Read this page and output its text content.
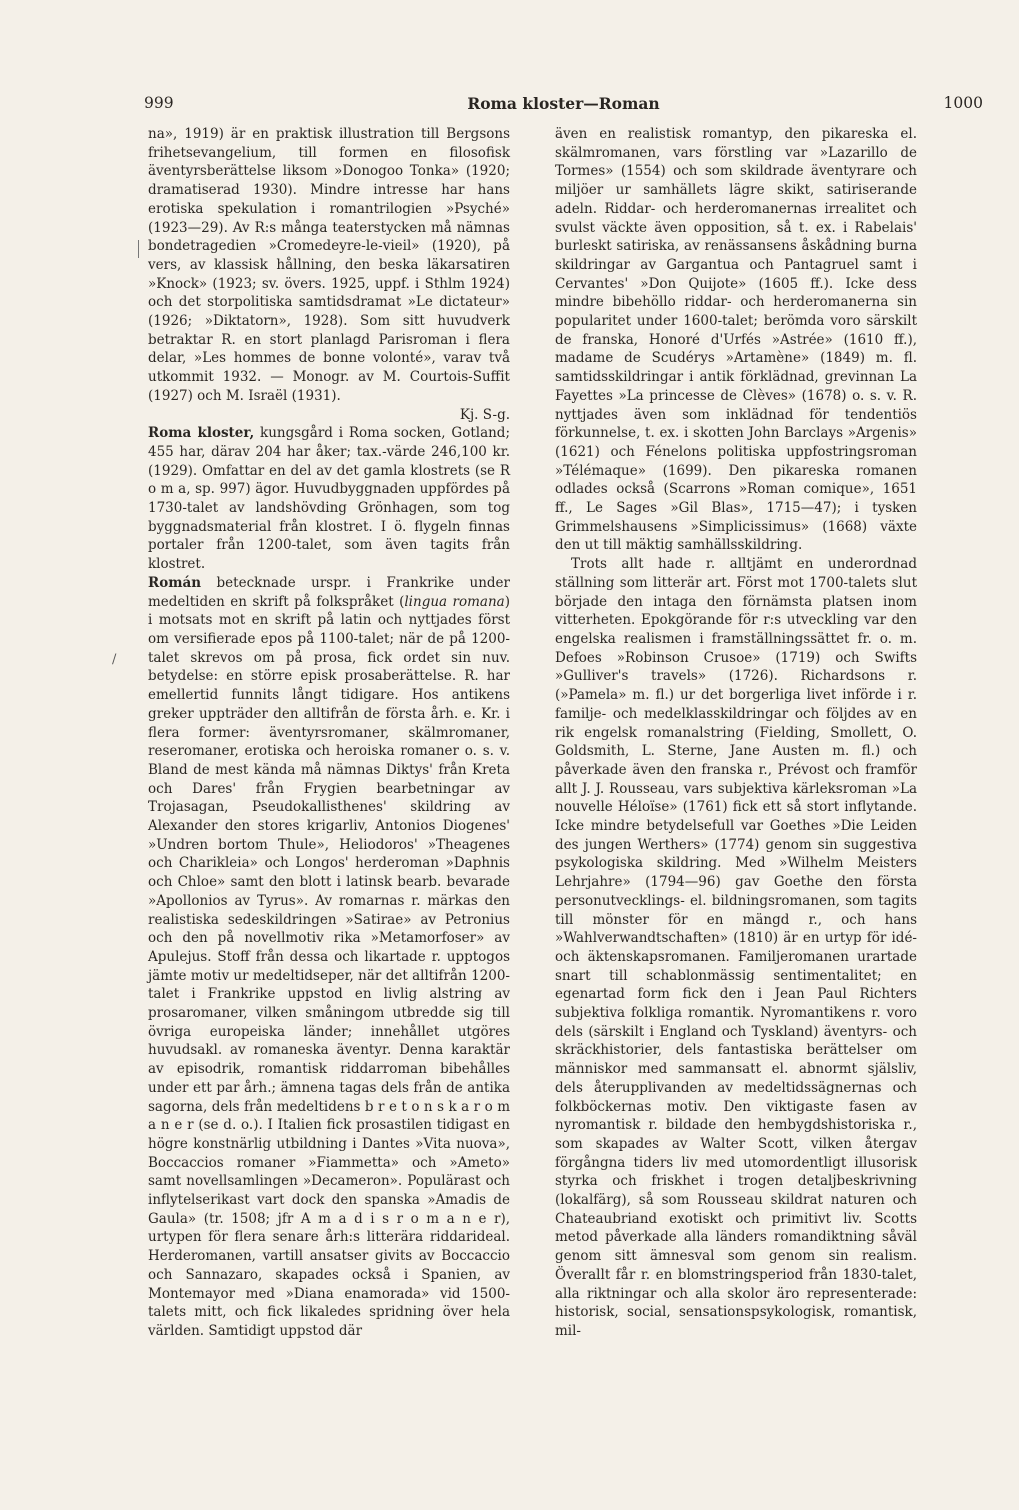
999	Roma kloster—Roman	1000
/

na», 1919) är en praktisk illustration till Bergsons frihetsevangelium, till formen en filosofisk äventyrsberättelse liksom »Donogoo Tonka» (1920; dramatiserad 1930). Mindre intresse har hans erotiska spekulation i romantrilogien »Psyché» (1923—29). Av R:s många teaterstycken må nämnas bondetragedien »Cromedeyre-le-vieil» (1920), på vers, av klassisk hållning, den beska läkarsatiren »Knock» (1923; sv. övers. 1925, uppf. i Sthlm 1924) och det storpolitiska samtidsdramat »Le dictateur» (1926; »Diktatorn», 1928). Som sitt huvudverk betraktar R. en stort planlagd Parisroman i flera delar, »Les hommes de bonne volonté», varav två utkommit 1932. — Monogr. av M. Courtois-Suffit (1927) och M. Israël (1931).
Kj. S-g.

Roma kloster, kungsgård i Roma socken, Gotland; 455 har, därav 204 har åker; tax.-värde 246,100 kr. (1929). Omfattar en del av det gamla klostrets (se R o m a, sp. 997) ägor. Huvudbyggnaden uppfördes på 1730-talet av landshövding Grönhagen, som tog byggnadsmaterial från klostret. I ö. flygeln finnas portaler från 1200-talet, som även tagits från klostret.

Román betecknade urspr. i Frankrike under medeltiden en skrift på folkspråket (lingua romana) i motsats mot en skrift på latin och nyttjades först om versifierade epos på 1100-talet; när de på 1200-talet skrevos om på prosa, fick ordet sin nuv. betydelse: en större episk prosaberättelse. R. har emellertid funnits långt tidigare. Hos antikens greker uppträder den alltifrån de första årh. e. Kr. i flera former: äventyrsromaner, skälmromaner, reseromaner, erotiska och heroiska romaner o. s. v. Bland de mest kända må nämnas Diktys' från Kreta och Dares' från Frygien bearbetningar av Trojasagan, Pseudokallisthenes' skildring av Alexander den stores krigarliv, Antonios Diogenes' »Undren bortom Thule», Heliodoros' »Theagenes och Charikleia» och Longos' herderoman »Daphnis och Chloe» samt den blott i latinsk bearb. bevarade »Apollonios av Tyrus». Av romarnas r. märkas den realistiska sedeskildringen »Satirae» av Petronius och den på novellmotiv rika »Metamorfoser» av Apulejus. Stoff från dessa och likartade r. upptogos jämte motiv ur medeltidseper, när det alltifrån 1200-talet i Frankrike uppstod en livlig alstring av prosaromaner, vilken småningom utbredde sig till övriga europeiska länder; innehållet utgöres huvudsakl. av romaneska äventyr. Denna karaktär av episodrik, romantisk riddarroman bibehålles under ett par årh.; ämnena tagas dels från de antika sagorna, dels från medeltidens b r e t o n s k a r o m a n e r (se d. o.). I Italien fick prosastilen tidigast en högre konstnärlig utbildning i Dantes »Vita nuova», Boccaccios romaner »Fiammetta» och »Ameto» samt novellsamlingen »Decameron». Populärast och inflytelserikast vart dock den spanska »Amadis de Gaula» (tr. 1508; jfr A m a d i s r o m a n e r), urtypen för flera senare årh:s litterära riddarideal. Herderomanen, vartill ansatser givits av Boccaccio och Sannazaro, skapades också i Spanien, av Montemayor med »Diana enamorada» vid 1500-talets mitt, och fick likaledes spridning över hela världen. Samtidigt uppstod där

även en realistisk romantyp, den pikareska el. skälmromanen, vars förstling var »Lazarillo de Tormes» (1554) och som skildrade äventyrare och miljöer ur samhällets lägre skikt, satiriserande adeln. Riddar- och herderomanernas irrealitet och svulst väckte även opposition, så t. ex. i Rabelais' burleskt satiriska, av renässansens åskådning burna skildringar av Gargantua och Pantagruel samt i Cervantes' »Don Quijote» (1605 ff.). Icke dess mindre bibehöllo riddar- och herderomanerna sin popularitet under 1600-talet; berömda voro särskilt de franska, Honoré d'Urfés »Astrée» (1610 ff.), madame de Scudérys »Artamène» (1849) m. fl. samtidsskildringar i antik förklädnad, grevinnan La Fayettes »La princesse de Clèves» (1678) o. s. v. R. nyttjades även som inklädnad för tendentiös förkunnelse, t. ex. i skotten John Barclays »Argenis» (1621) och Fénelons politiska uppfostringsroman »Télémaque» (1699). Den pikareska romanen odlades också (Scarrons »Roman comique», 1651 ff., Le Sages »Gil Blas», 1715—47); i tysken Grimmelshausens »Simplicissimus» (1668) växte den ut till mäktig samhällsskildring.

Trots allt hade r. alltjämt en underordnad ställning som litterär art. Först mot 1700-talets slut började den intaga den förnämsta platsen inom vitterheten. Epokgörande för r:s utveckling var den engelska realismen i framställningssättet fr. o. m. Defoes »Robinson Crusoe» (1719) och Swifts »Gulliver's travels» (1726). Richardsons r. (»Pamela» m. fl.) ur det borgerliga livet införde i r. familje- och medelklasskildringar och följdes av en rik engelsk romanalstring (Fielding, Smollett, O. Goldsmith, L. Sterne, Jane Austen m. fl.) och påverkade även den franska r., Prévost och framför allt J. J. Rousseau, vars subjektiva kärleksroman »La nouvelle Héloïse» (1761) fick ett så stort inflytande. Icke mindre betydelsefull var Goethes »Die Leiden des jungen Werthers» (1774) genom sin suggestiva psykologiska skildring. Med »Wilhelm Meisters Lehrjahre» (1794—96) gav Goethe den första personutvecklings- el. bildningsromanen, som tagits till mönster för en mängd r., och hans »Wahlverwandtschaften» (1810) är en urtyp för idé- och äktenskapsromanen. Familjeromanen urartade snart till schablonmässig sentimentalitet; en egenartad form fick den i Jean Paul Richters subjektiva folkliga romantik. Nyromantikens r. voro dels (särskilt i England och Tyskland) äventyrs- och skräckhistorier, dels fantastiska berättelser om människor med sammansatt el. abnormt själsliv, dels återupplivanden av medeltidssägnernas och folkböckernas motiv. Den viktigaste fasen av nyromantisk r. bildade den hembygdshistoriska r., som skapades av Walter Scott, vilken återgav förgångna tiders liv med utomordentligt illusorisk styrka och friskhet i trogen detaljbeskrivning (lokalfärg), så som Rousseau skildrat naturen och Chateaubriand exotiskt och primitivt liv. Scotts metod påverkade alla länders romandiktning såväl genom sitt ämnesval som genom sin realism. Överallt får r. en blomstringsperiod från 1830-talet, alla riktningar och alla skolor äro representerade: historisk, social, sensationspsykologisk, romantisk, mil-
